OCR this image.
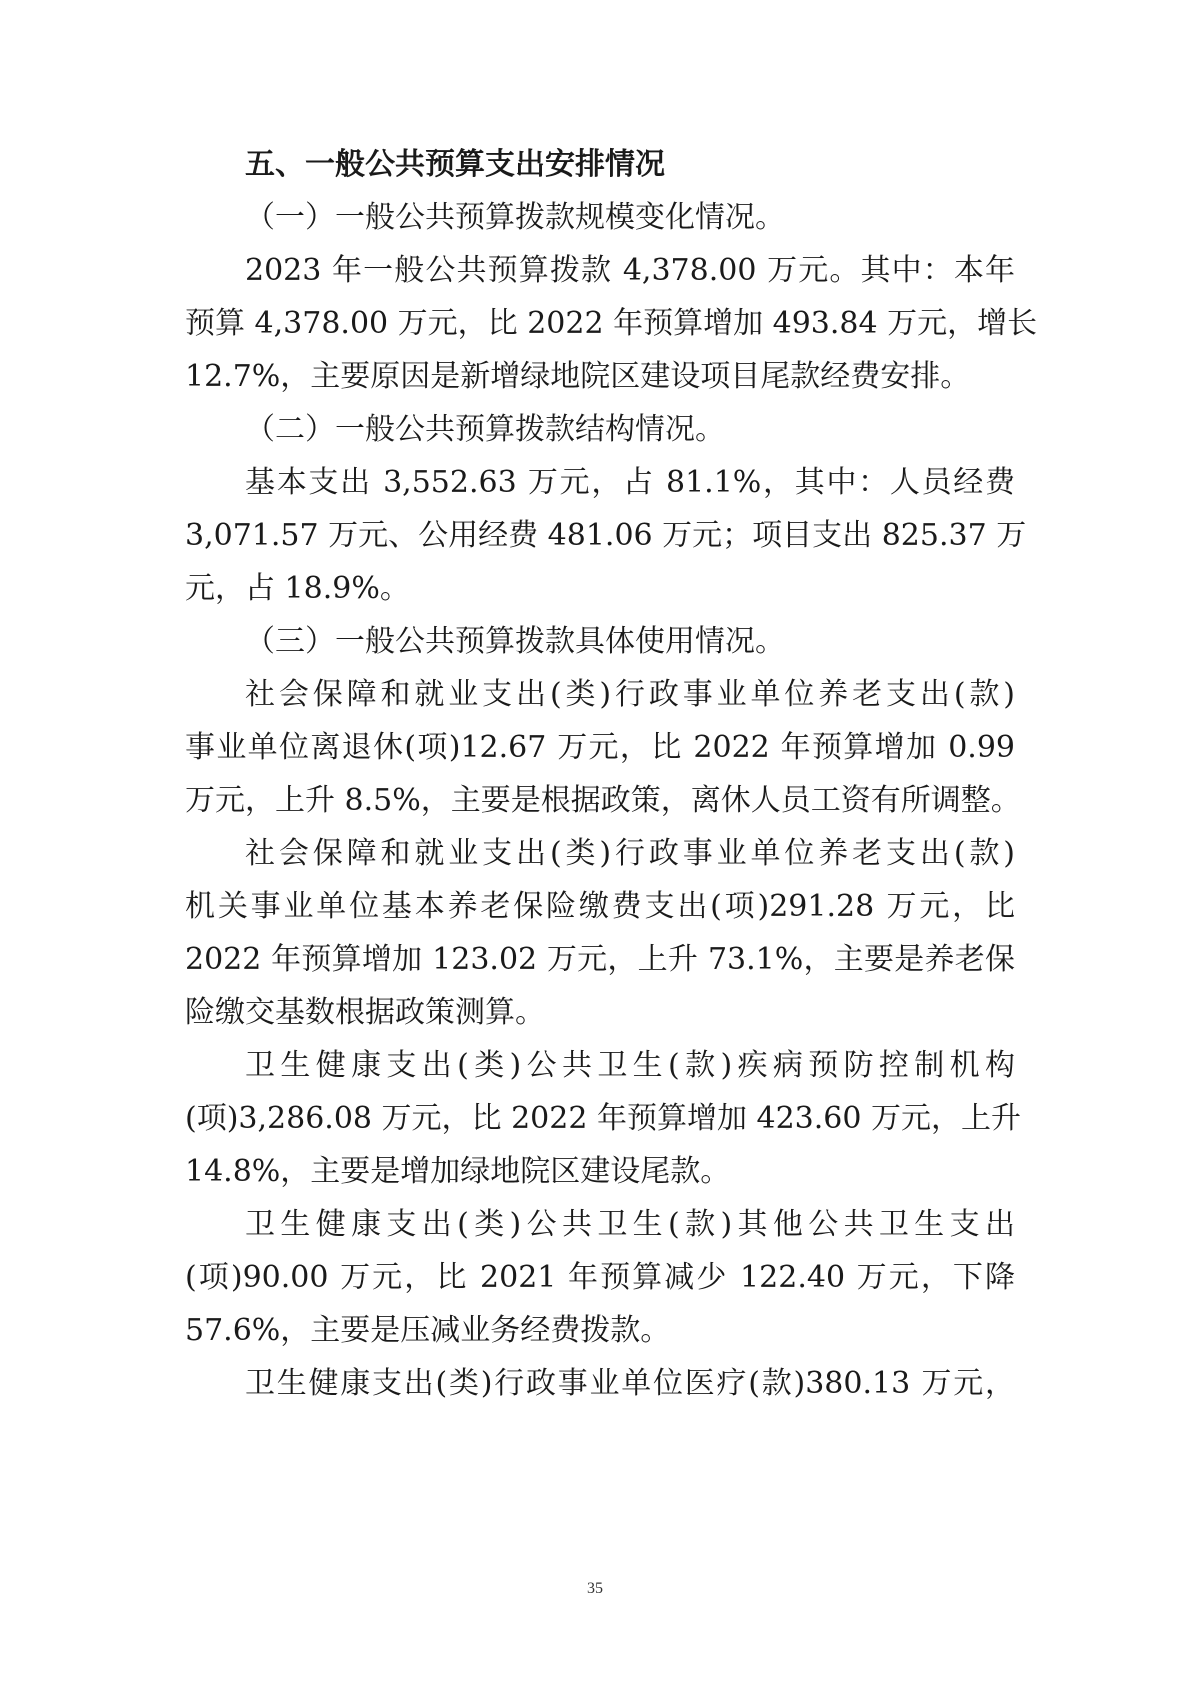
五、一般公共预算支出安排情况
（一）一般公共预算拨款规模变化情况。
2023 年一般公共预算拨款 4,378.00 万元。其中：本年
预算 4,378.00 万元，比 2022 年预算增加 493.84 万元，增长
12.7%，主要原因是新增绿地院区建设项目尾款经费安排。
（二）一般公共预算拨款结构情况。
基本支出 3,552.63 万元，占 81.1%，其中：人员经费
3,071.57 万元、公用经费 481.06 万元；项目支出 825.37 万
元，占 18.9%。
（三）一般公共预算拨款具体使用情况。
社会保障和就业支出(类)行政事业单位养老支出(款)
事业单位离退休(项)12.67 万元，比 2022 年预算增加 0.99
万元，上升 8.5%，主要是根据政策，离休人员工资有所调整。
社会保障和就业支出(类)行政事业单位养老支出(款)
机关事业单位基本养老保险缴费支出(项)291.28 万元，比
2022 年预算增加 123.02 万元，上升 73.1%，主要是养老保
险缴交基数根据政策测算。
卫生健康支出(类)公共卫生(款)疾病预防控制机构
(项)3,286.08 万元，比 2022 年预算增加 423.60 万元，上升
14.8%，主要是增加绿地院区建设尾款。
卫生健康支出(类)公共卫生(款)其他公共卫生支出
(项)90.00 万元，比 2021 年预算减少 122.40 万元，下降
57.6%，主要是压减业务经费拨款。
卫生健康支出(类)行政事业单位医疗(款)380.13 万元，
35
